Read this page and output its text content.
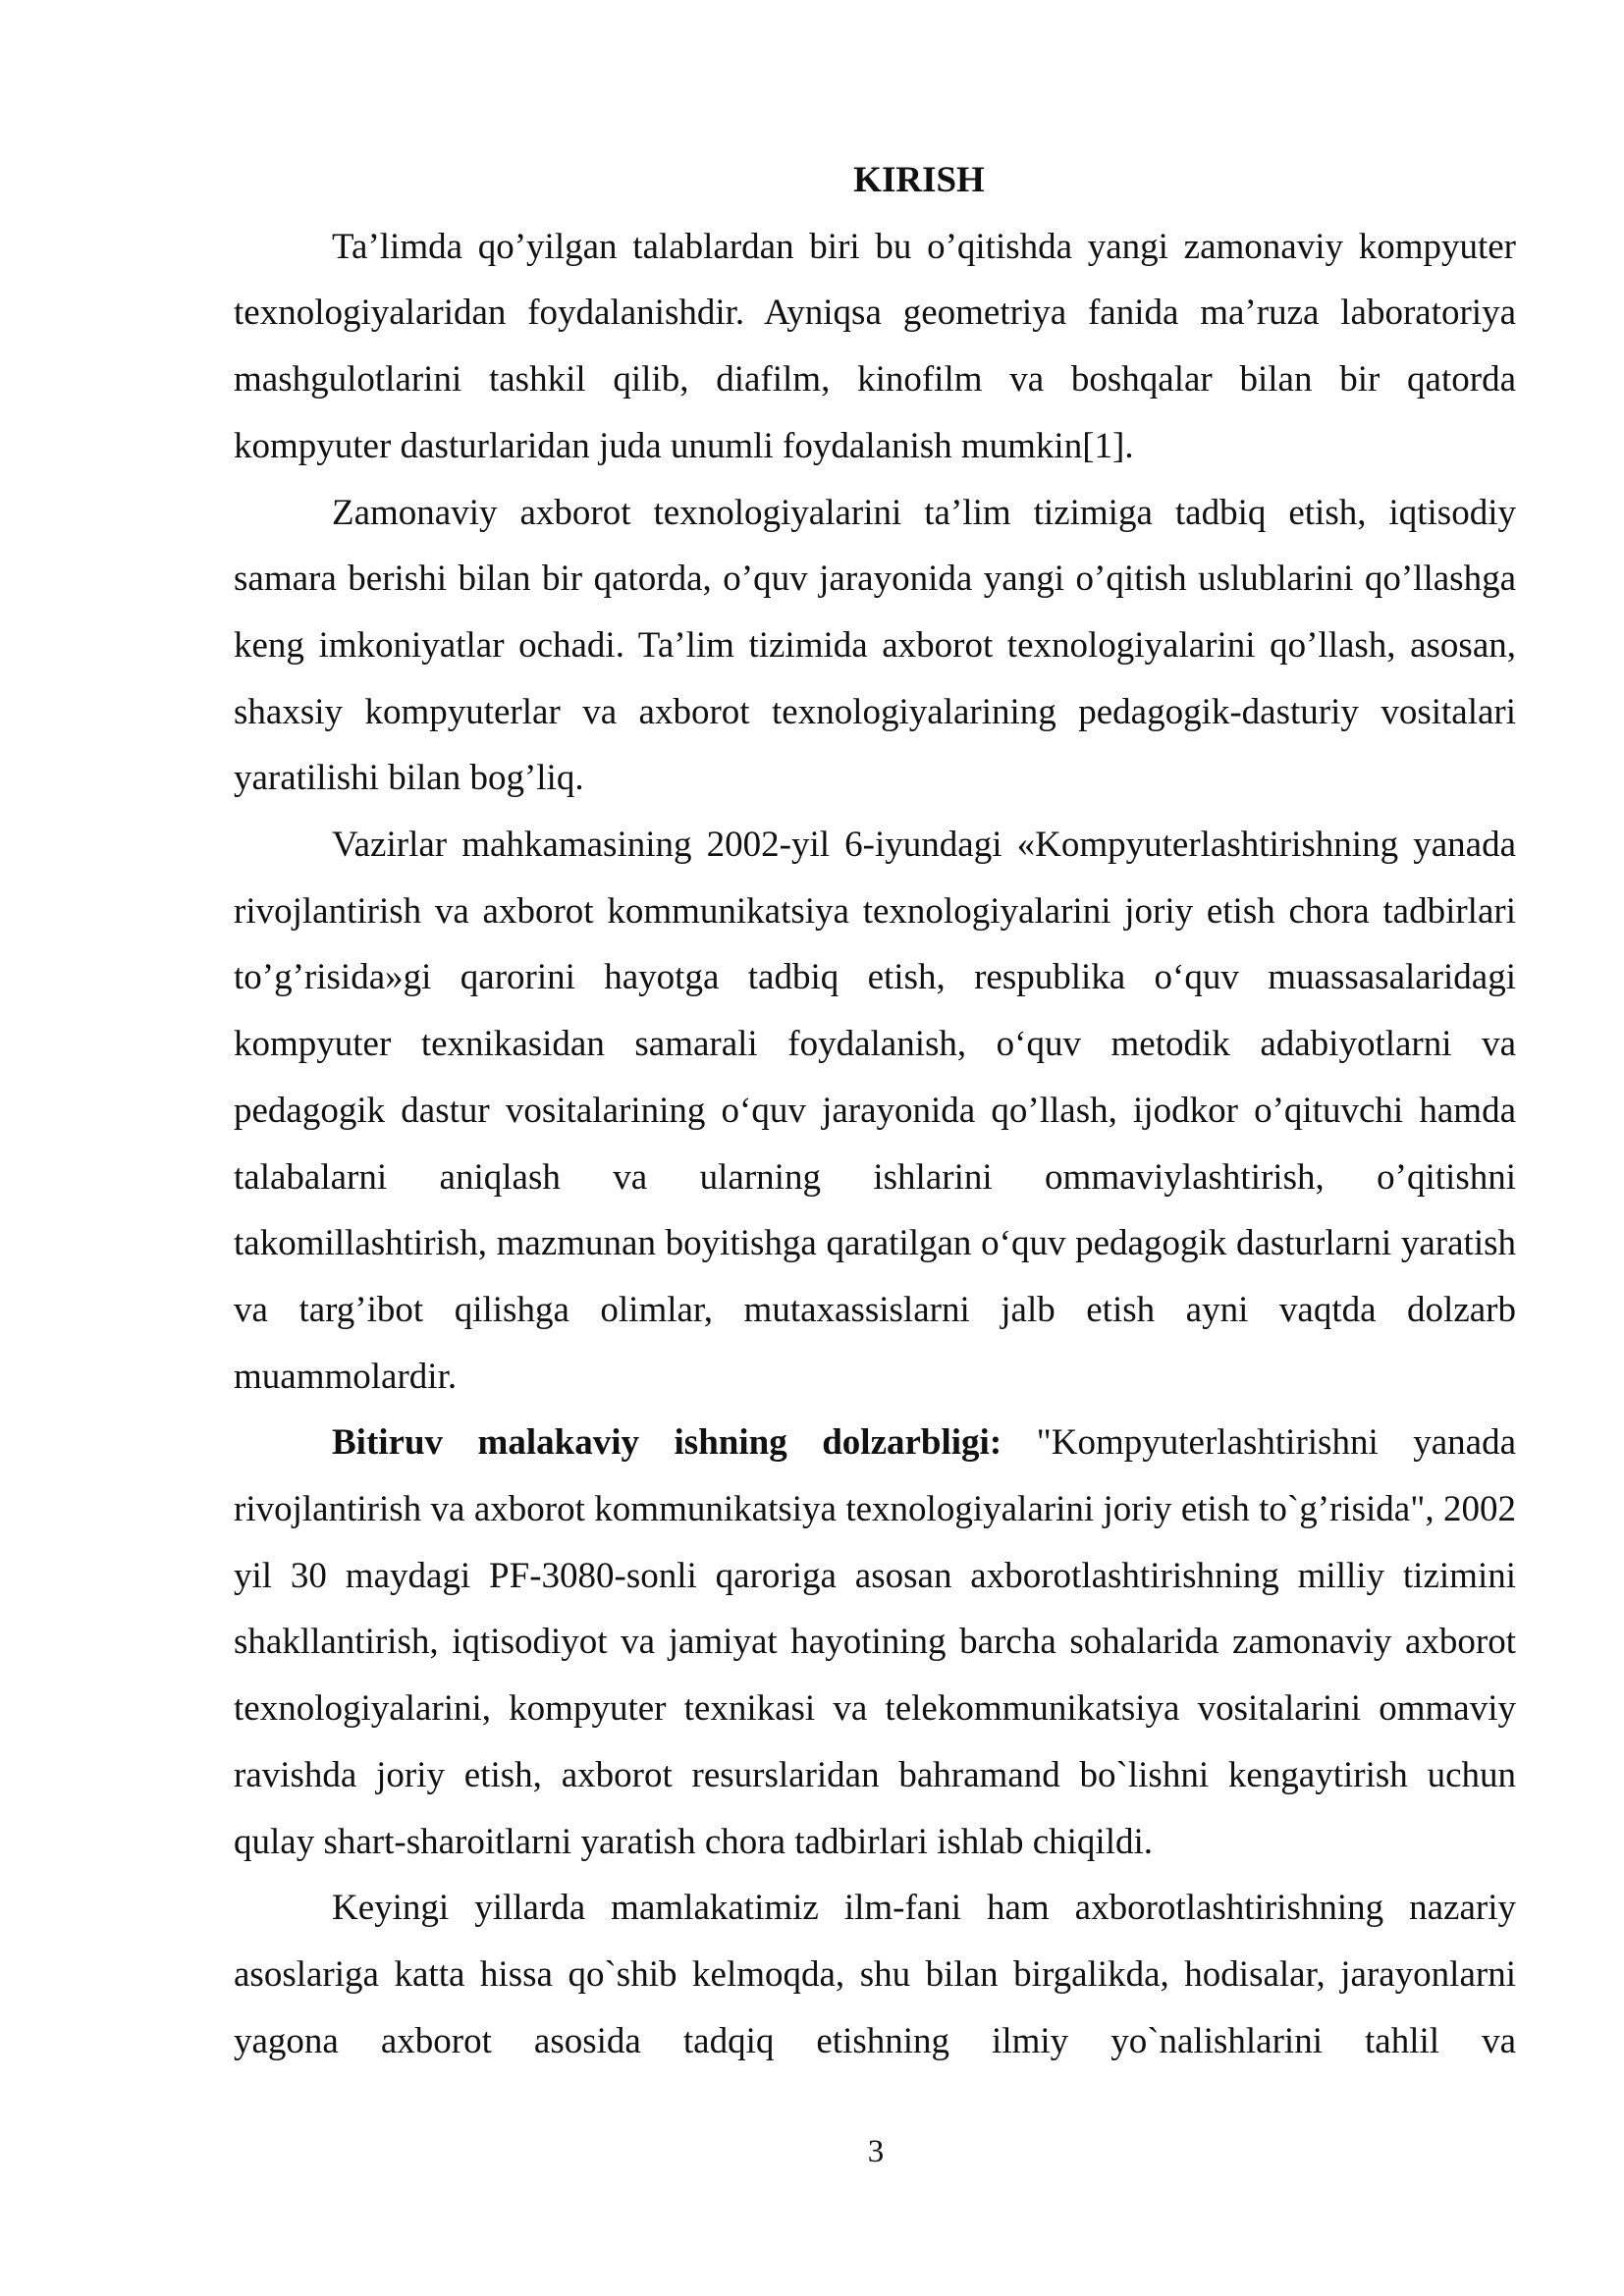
KIRISH

Ta’limda qo’yilgan talablardan biri bu o’qitishda yangi zamonaviy kompyuter texnologiyalaridan foydalanishdir. Ayniqsa geometriya fanida ma’ruza laboratoriya mashgulotlarini tashkil qilib, diafilm, kinofilm va boshqalar bilan bir qatorda kompyuter dasturlaridan juda unumli foydalanish mumkin[1].

Zamonaviy axborot texnologiyalarini ta’lim tizimiga tadbiq etish, iqtisodiy samara berishi bilan bir qatorda, o’quv jarayonida yangi o’qitish uslublarini qo’llashga keng imkoniyatlar ochadi. Ta’lim tizimida axborot texnologiyalarini qo’llash, asosan, shaxsiy kompyuterlar va axborot texnologiyalarining pedagogik-dasturiy vositalari yaratilishi bilan bog’liq.

Vazirlar mahkamasining 2002-yil 6-iyundagi «Kompyuterlashtirishning yanada rivojlantirish va axborot kommunikatsiya texnologiyalarini joriy etish chora tadbirlari to’g’risida»gi qarorini hayotga tadbiq etish, respublika o‘quv muassasalaridagi kompyuter texnikasidan samarali foydalanish, o‘quv metodik adabiyotlarni va pedagogik dastur vositalarining o‘quv jarayonida qo’llash, ijodkor o’qituvchi hamda talabalarni aniqlash va ularning ishlarini ommaviylashtirish, o’qitishni takomillashtirish, mazmunan boyitishga qaratilgan o‘quv pedagogik dasturlarni yaratish va targ’ibot qilishga olimlar, mutaxassislarni jalb etish ayni vaqtda dolzarb muammolardir.

Bitiruv malakaviy ishning dolzarbligi: "Kompyuterlashtirishni yanada rivojlantirish va axborot kommunikatsiya texnologiyalarini joriy etish to`g’risida", 2002 yil 30 maydagi PF-3080-sonli qaroriga asosan axborotlashtirishning milliy tizimini shakllantirish, iqtisodiyot va jamiyat hayotining barcha sohalarida zamonaviy axborot texnologiyalarini, kompyuter texnikasi va telekommunikatsiya vositalarini ommaviy ravishda joriy etish, axborot resurslaridan bahramand bo`lishni kengaytirish uchun qulay shart-sharoitlarni yaratish chora tadbirlari ishlab chiqildi.

Keyingi yillarda mamlakatimiz ilm-fani ham axborotlashtirishning nazariy asoslariga katta hissa qo`shib kelmoqda, shu bilan birgalikda, hodisalar, jarayonlarni yagona axborot asosida tadqiq etishning ilmiy yo`nalishlarini tahlil va

3
